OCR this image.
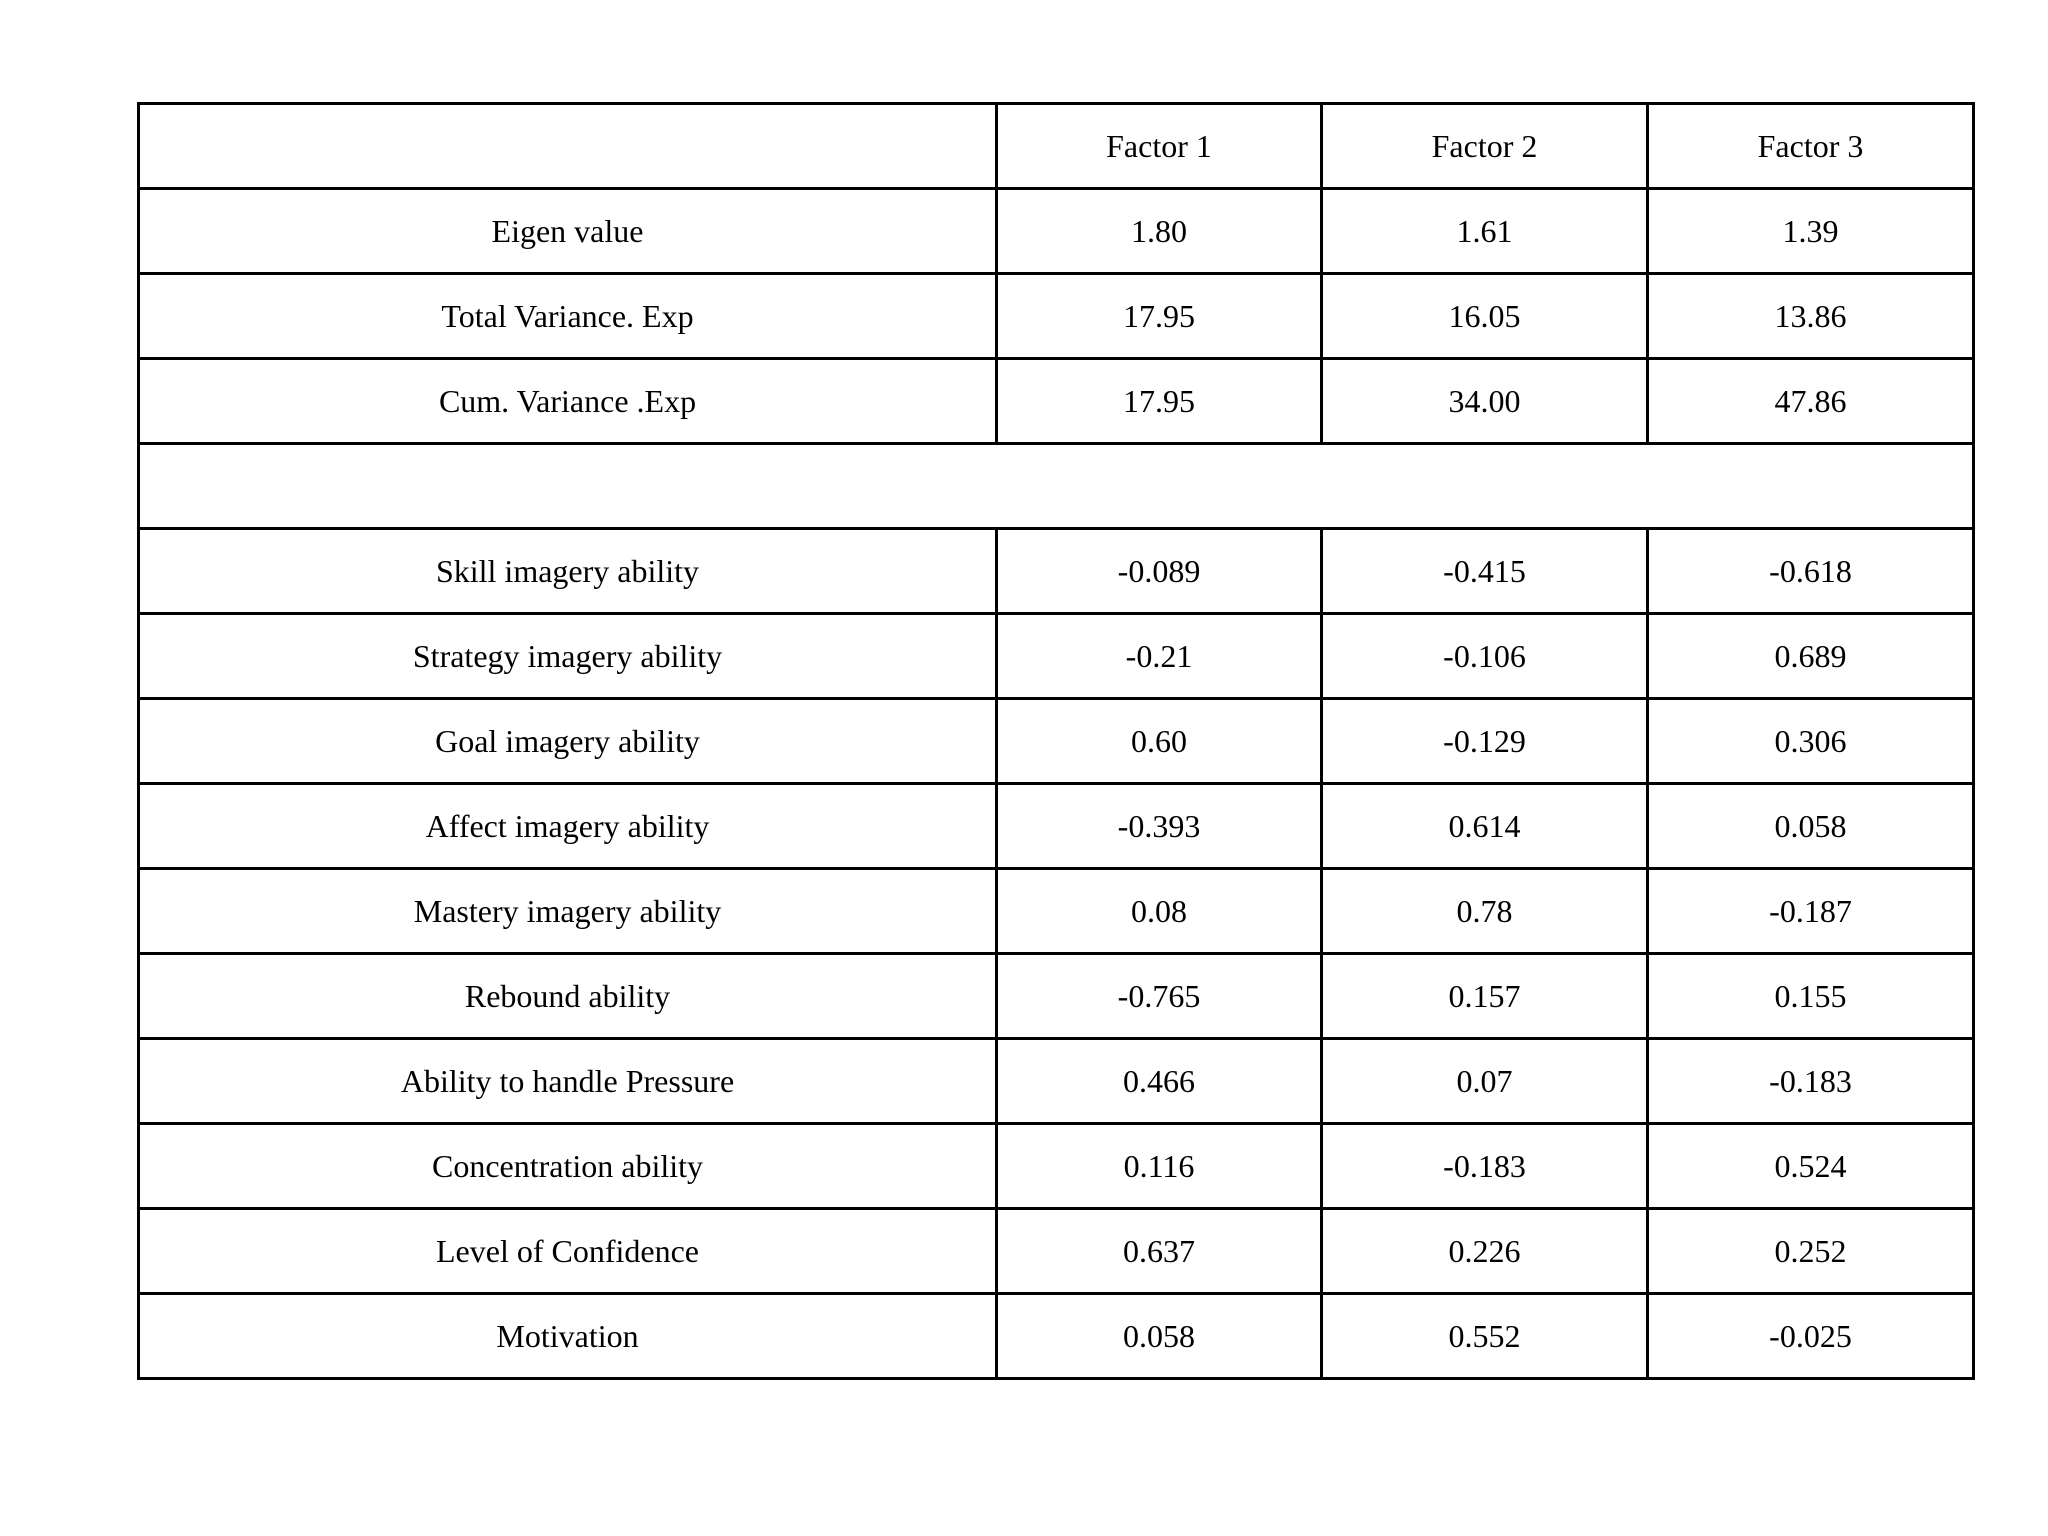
	Factor 1	Factor 2	Factor 3
Eigen value	1.80	1.61	1.39
Total Variance. Exp	17.95	16.05	13.86
Cum. Variance .Exp	17.95	34.00	47.86

Skill imagery ability	-0.089	-0.415	-0.618
Strategy imagery ability	-0.21	-0.106	0.689
Goal imagery ability	0.60	-0.129	0.306
Affect imagery ability	-0.393	0.614	0.058
Mastery imagery ability	0.08	0.78	-0.187
Rebound ability	-0.765	0.157	0.155
Ability to handle Pressure	0.466	0.07	-0.183
Concentration ability	0.116	-0.183	0.524
Level of Confidence	0.637	0.226	0.252
Motivation	0.058	0.552	-0.025
